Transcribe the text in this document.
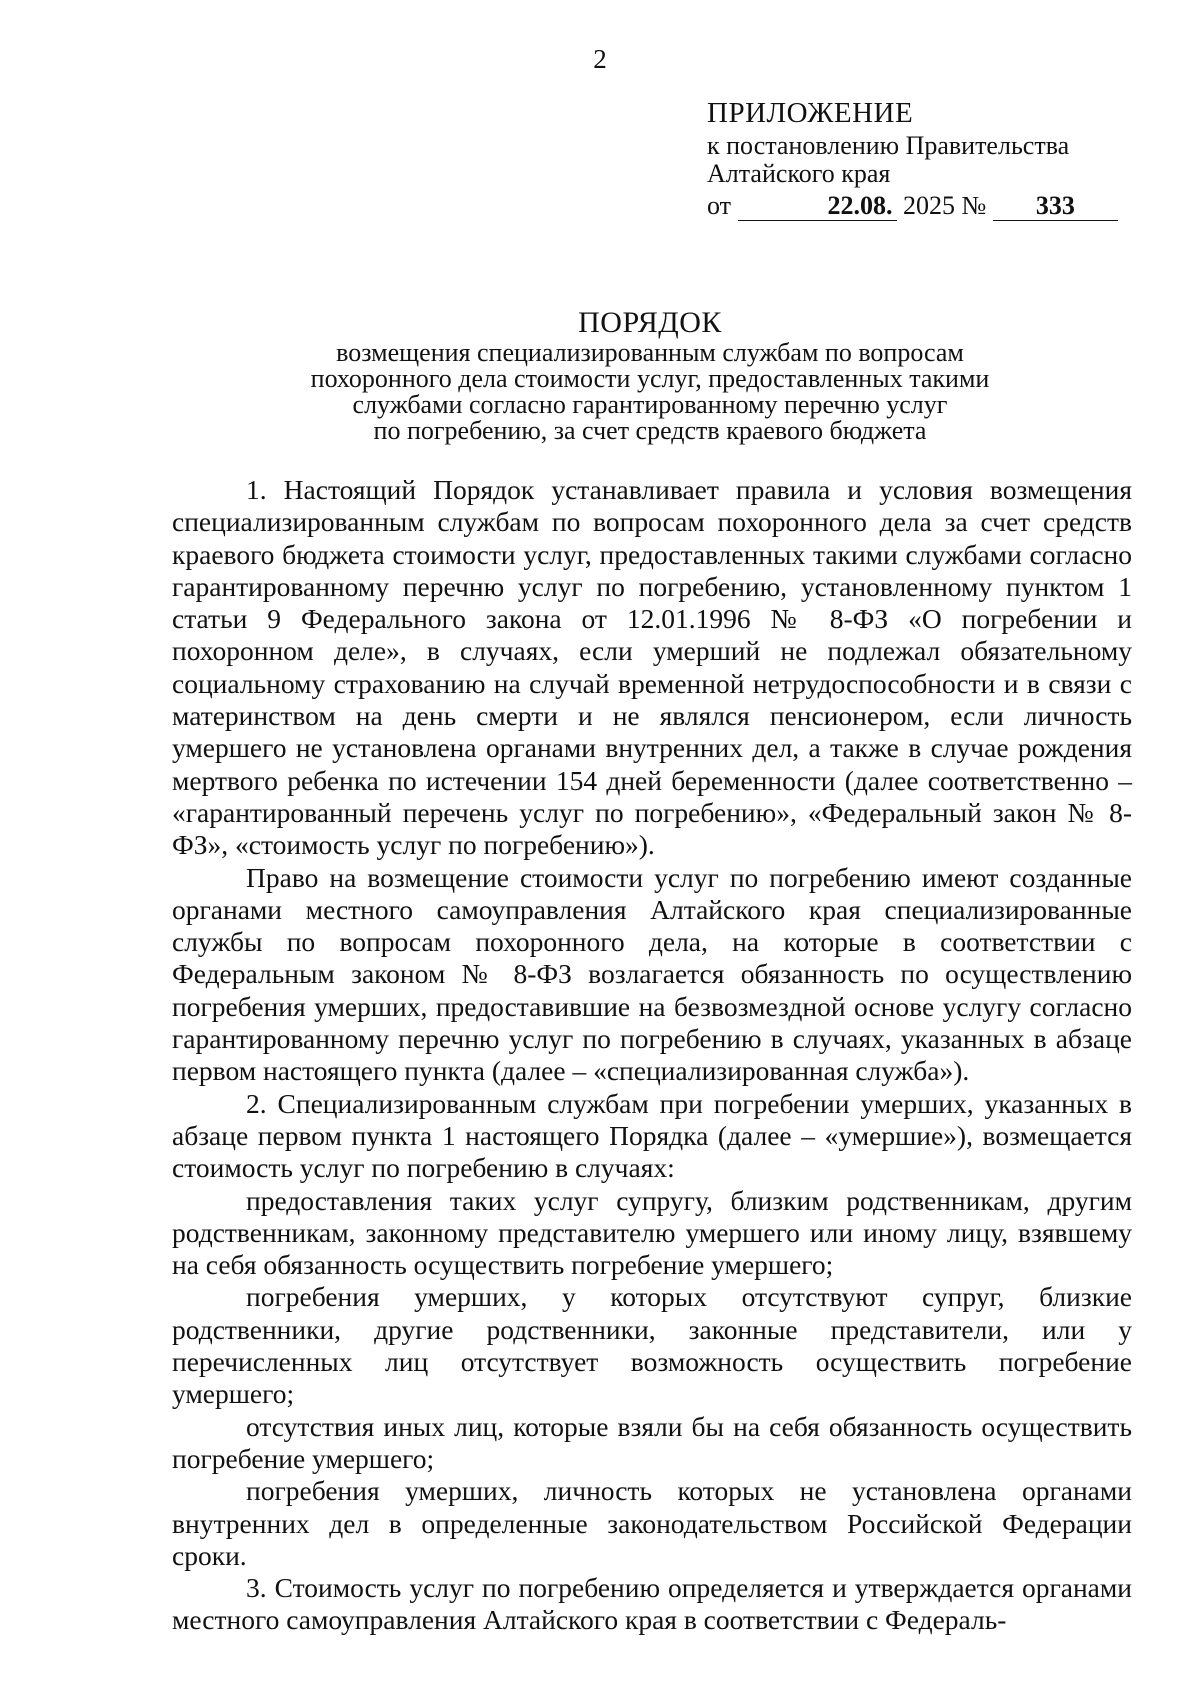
2
ПРИЛОЖЕНИЕ
к постановлению Правительства
Алтайского края
от	22.08. 2025 № 333
ПОРЯДОК
возмещения специализированным службам по вопросам
похоронного дела стоимости услуг, предоставленных такими
службами согласно гарантированному перечню услуг
по погребению, за счет средств краевого бюджета

1. Настоящий Порядок устанавливает правила и условия возмещения специализированным службам по вопросам похоронного дела за счет средств краевого бюджета стоимости услуг, предоставленных такими службами согласно гарантированному перечню услуг по погребению, установленному пунктом 1 статьи 9 Федерального закона от 12.01.1996 № 8-ФЗ «О погребении и похоронном деле», в случаях, если умерший не подлежал обязательному социальному страхованию на случай временной нетрудоспособности и в связи с материнством на день смерти и не являлся пенсионером, если личность умершего не установлена органами внутренних дел, а также в случае рождения мертвого ребенка по истечении 154 дней беременности (далее соответственно – «гарантированный перечень услуг по погребению», «Федеральный закон № 8-ФЗ», «стоимость услуг по погребению»).

Право на возмещение стоимости услуг по погребению имеют созданные органами местного самоуправления Алтайского края специализированные службы по вопросам похоронного дела, на которые в соответствии с Федеральным законом № 8-ФЗ возлагается обязанность по осуществлению погребения умерших, предоставившие на безвозмездной основе услугу согласно гарантированному перечню услуг по погребению в случаях, указанных в абзаце первом настоящего пункта (далее – «специализированная служба»).

2. Специализированным службам при погребении умерших, указанных в абзаце первом пункта 1 настоящего Порядка (далее – «умершие»), возмещается стоимость услуг по погребению в случаях:

предоставления таких услуг супругу, близким родственникам, другим родственникам, законному представителю умершего или иному лицу, взявшему на себя обязанность осуществить погребение умершего;

погребения умерших, у которых отсутствуют супруг, близкие родственники, другие родственники, законные представители, или у перечисленных лиц отсутствует возможность осуществить погребение умершего;

отсутствия иных лиц, которые взяли бы на себя обязанность осуществить погребение умершего;

погребения умерших, личность которых не установлена органами внутренних дел в определенные законодательством Российской Федерации сроки.

3. Стоимость услуг по погребению определяется и утверждается органами местного самоуправления Алтайского края в соответствии с Федераль-
